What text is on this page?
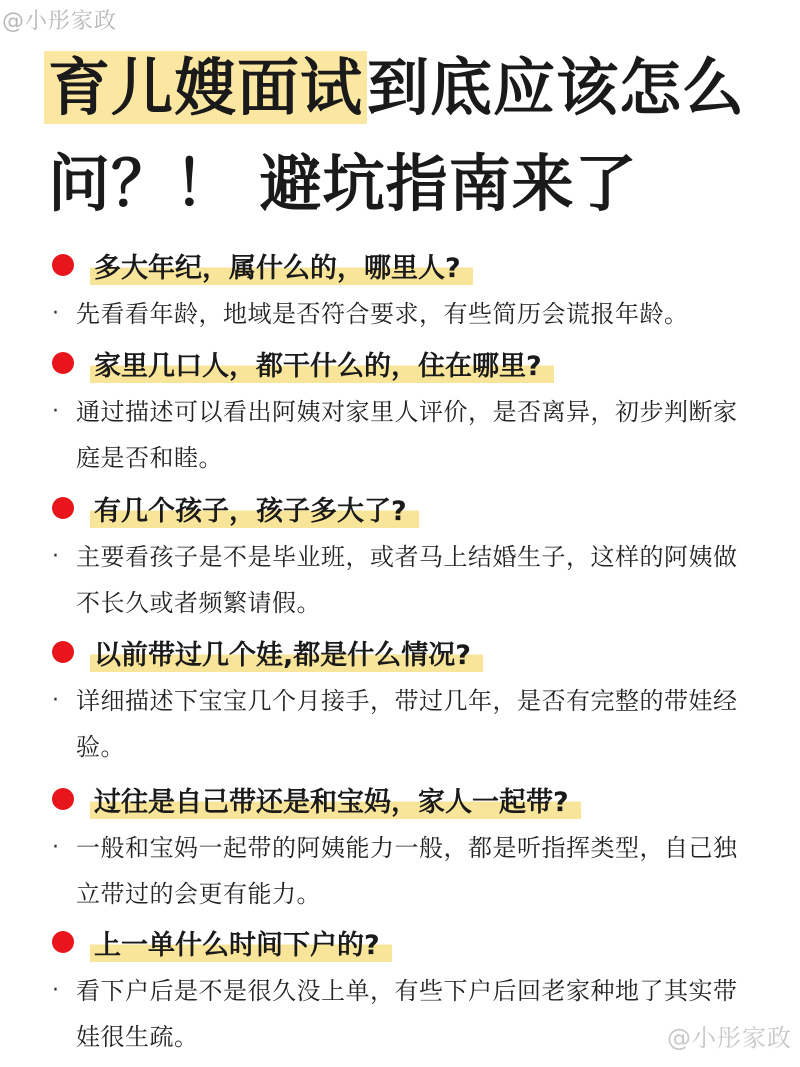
@小彤家政
育儿嫂面试到底应该怎么
问？！ 避坑指南来了
多大年纪，属什么的，哪里人?
· 先看看年龄，地域是否符合要求，有些简历会谎报年龄。
家里几口人，都干什么的，住在哪里?
· 通过描述可以看出阿姨对家里人评价，是否离异，初步判断家庭是否和睦。
有几个孩子，孩子多大了?
· 主要看孩子是不是毕业班，或者马上结婚生子，这样的阿姨做不长久或者频繁请假。
以前带过几个娃,都是什么情况?
· 详细描述下宝宝几个月接手，带过几年，是否有完整的带娃经验。
过往是自己带还是和宝妈，家人一起带?
· 一般和宝妈一起带的阿姨能力一般，都是听指挥类型，自己独立带过的会更有能力。
上一单什么时间下户的?
· 看下户后是不是很久没上单，有些下户后回老家种地了其实带娃很生疏。	@小彤家政
